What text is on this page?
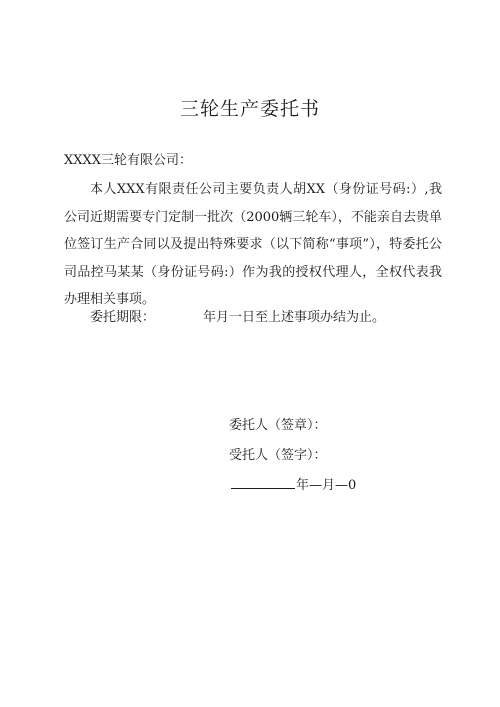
三轮生产委托书
XXXX三轮有限公司：

本人XXX有限责任公司主要负责人胡XX（身份证号码:）,我公司近期需要专门定制一批次（2000辆三轮车），不能亲自去贵单位签订生产合同以及提出特殊要求（以下简称“事项”），特委托公司品控马某某（身份证号码:）作为我的授权代理人，全权代表我办理相关事项。

委托期限：	年月一日至上述事项办结为止。
委托人（签章）：
受托人（签字）：
年—月—0
